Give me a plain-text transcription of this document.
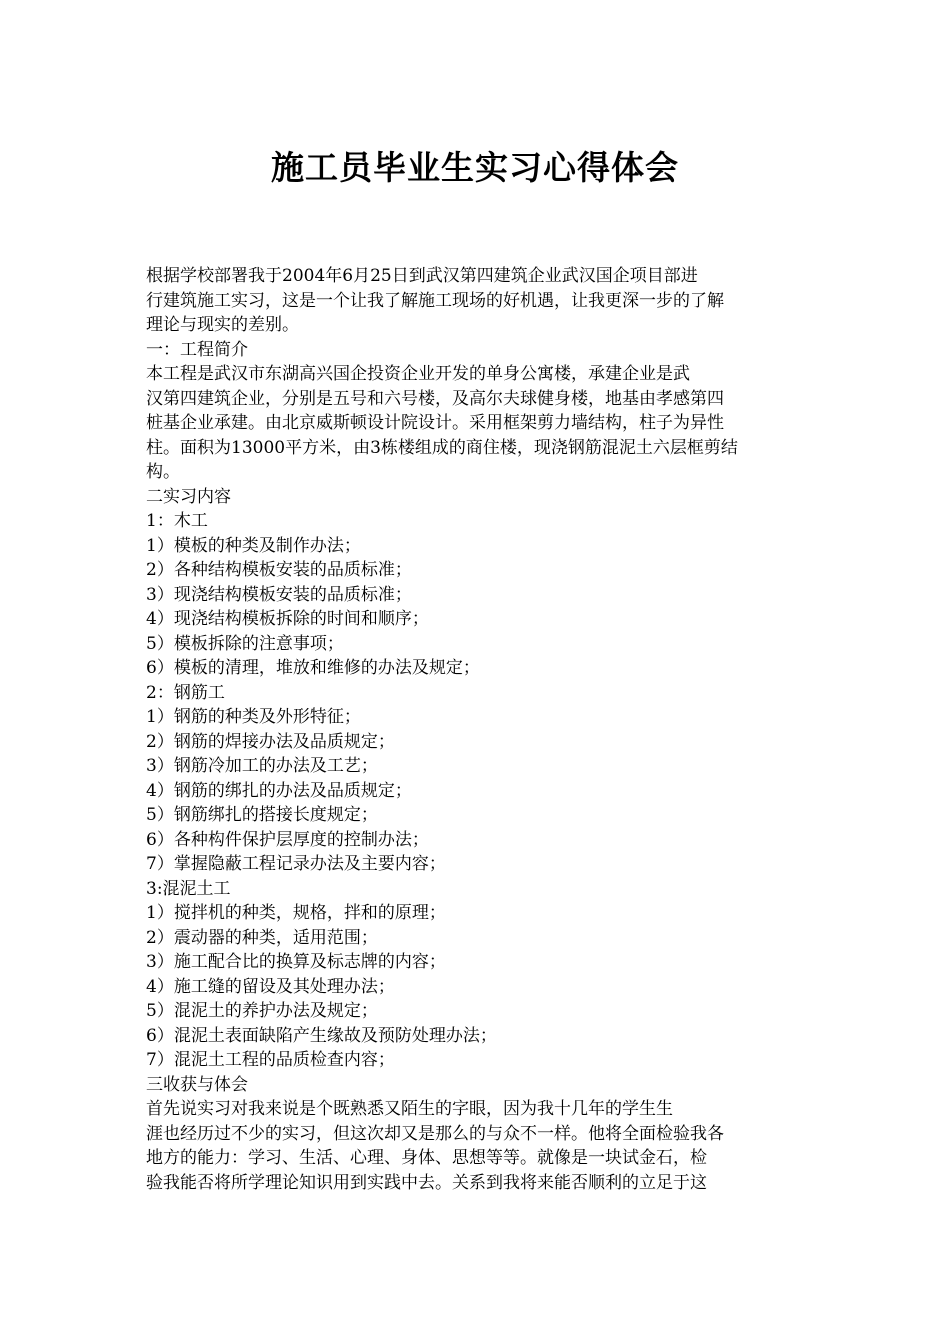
施工员毕业生实习心得体会
根据学校部署我于2004年6月25日到武汉第四建筑企业武汉国企项目部进
行建筑施工实习，这是一个让我了解施工现场的好机遇，让我更深一步的了解
理论与现实的差别。
一：工程简介
本工程是武汉市东湖高兴国企投资企业开发的单身公寓楼，承建企业是武
汉第四建筑企业，分别是五号和六号楼，及高尔夫球健身楼，地基由孝感第四
桩基企业承建。由北京威斯顿设计院设计。采用框架剪力墙结构，柱子为异性
柱。面积为13000平方米，由3栋楼组成的商住楼，现浇钢筋混泥土六层框剪结
构。
二实习内容
1：木工
1）模板的种类及制作办法；
2）各种结构模板安装的品质标准；
3）现浇结构模板安装的品质标准；
4）现浇结构模板拆除的时间和顺序；
5）模板拆除的注意事项；
6）模板的清理，堆放和维修的办法及规定；
2：钢筋工
1）钢筋的种类及外形特征；
2）钢筋的焊接办法及品质规定；
3）钢筋冷加工的办法及工艺；
4）钢筋的绑扎的办法及品质规定；
5）钢筋绑扎的搭接长度规定；
6）各种构件保护层厚度的控制办法；
7）掌握隐蔽工程记录办法及主要内容；
3:混泥土工
1）搅拌机的种类，规格，拌和的原理；
2）震动器的种类，适用范围；
3）施工配合比的换算及标志牌的内容；
4）施工缝的留设及其处理办法；
5）混泥土的养护办法及规定；
6）混泥土表面缺陷产生缘故及预防处理办法；
7）混泥土工程的品质检查内容；
三收获与体会
首先说实习对我来说是个既熟悉又陌生的字眼，因为我十几年的学生生
涯也经历过不少的实习，但这次却又是那么的与众不一样。他将全面检验我各
地方的能力：学习、生活、心理、身体、思想等等。就像是一块试金石，检
验我能否将所学理论知识用到实践中去。关系到我将来能否顺利的立足于这
